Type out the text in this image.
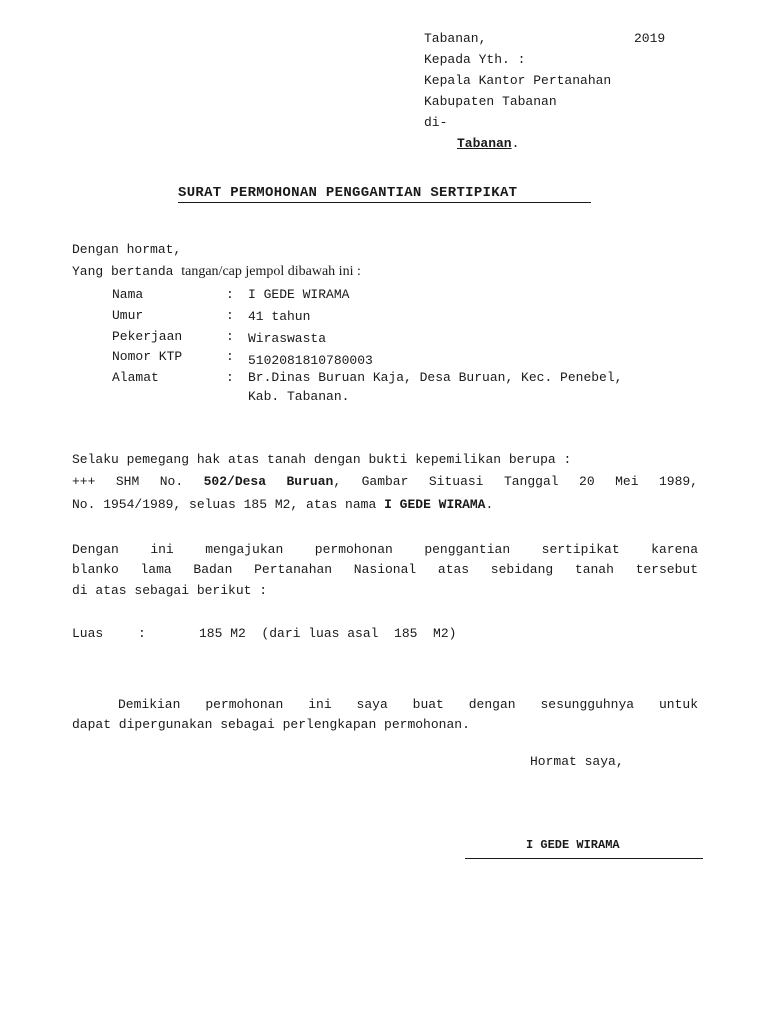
Tabanan,	2019
Kepada Yth. :
Kepala Kantor Pertanahan
Kabupaten Tabanan
di-
Tabanan.
SURAT PERMOHONAN PENGGANTIAN SERTIPIKAT
Dengan hormat,
Yang bertanda tangan/cap jempol dibawah ini :
Nama	: I GEDE WIRAMA
Umur	: 41 tahun
Pekerjaan	: Wiraswasta
Nomor KTP	: 5102081810780003
Alamat	: Br.Dinas Buruan Kaja, Desa Buruan, Kec. Penebel,
Kab. Tabanan.
Selaku pemegang hak atas tanah dengan bukti kepemilikan berupa :
+++ SHM No. 502/Desa Buruan, Gambar Situasi Tanggal 20 Mei 1989,
No. 1954/1989, seluas 185 M2, atas nama I GEDE WIRAMA.
Dengan ini mengajukan permohonan penggantian sertipikat karena
blanko lama Badan Pertanahan Nasional atas sebidang tanah tersebut
di atas sebagai berikut :
Luas	:	185 M2  (dari luas asal  185  M2)
Demikian permohonan ini saya buat dengan sesungguhnya untuk
dapat dipergunakan sebagai perlengkapan permohonan.
Hormat saya,
I GEDE WIRAMA
